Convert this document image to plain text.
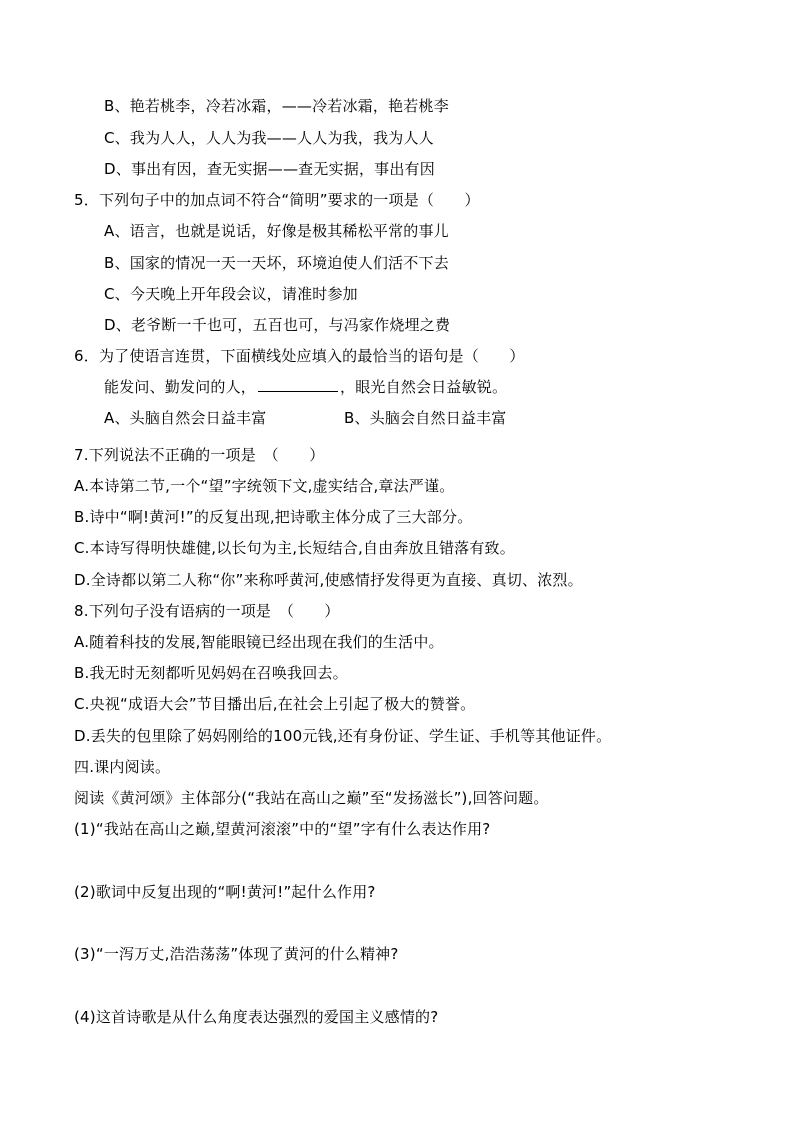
B、艳若桃李，冷若冰霜，——冷若冰霜，艳若桃李
C、我为人人，人人为我——人人为我，我为人人
D、事出有因，查无实据——查无实据，事出有因
5．下列句子中的加点词不符合“简明”要求的一项是（　　）
A、语言，也就是说话，好像是极其稀松平常的事儿
B、国家的情况一天一天坏，环境迫使人们活不下去
C、今天晚上开年段会议，请准时参加
D、老爷断一千也可，五百也可，与冯家作烧埋之费
6．为了使语言连贯，下面横线处应填入的最恰当的语句是（　　）
能发问、勤发问的人，	，眼光自然会日益敏锐。
A、头脑自然会日益丰富	B、头脑会自然日益丰富
7.下列说法不正确的一项是　（　　）
A.本诗第二节,一个“望”字统领下文,虚实结合,章法严谨。
B.诗中“啊!黄河!”的反复出现,把诗歌主体分成了三大部分。
C.本诗写得明快雄健,以长句为主,长短结合,自由奔放且错落有致。
D.全诗都以第二人称“你”来称呼黄河,使感情抒发得更为直接、真切、浓烈。
8.下列句子没有语病的一项是　（　　）
A.随着科技的发展,智能眼镜已经出现在我们的生活中。
B.我无时无刻都听见妈妈在召唤我回去。
C.央视“成语大会”节目播出后,在社会上引起了极大的赞誉。
D.丢失的包里除了妈妈刚给的100元钱,还有身份证、学生证、手机等其他证件。
四.课内阅读。
阅读《黄河颂》主体部分(“我站在高山之巅”至“发扬滋长”),回答问题。
(1)“我站在高山之巅,望黄河滚滚”中的“望”字有什么表达作用?
(2)歌词中反复出现的“啊!黄河!”起什么作用?
(3)“一泻万丈,浩浩荡荡”体现了黄河的什么精神?
(4)这首诗歌是从什么角度表达强烈的爱国主义感情的?
